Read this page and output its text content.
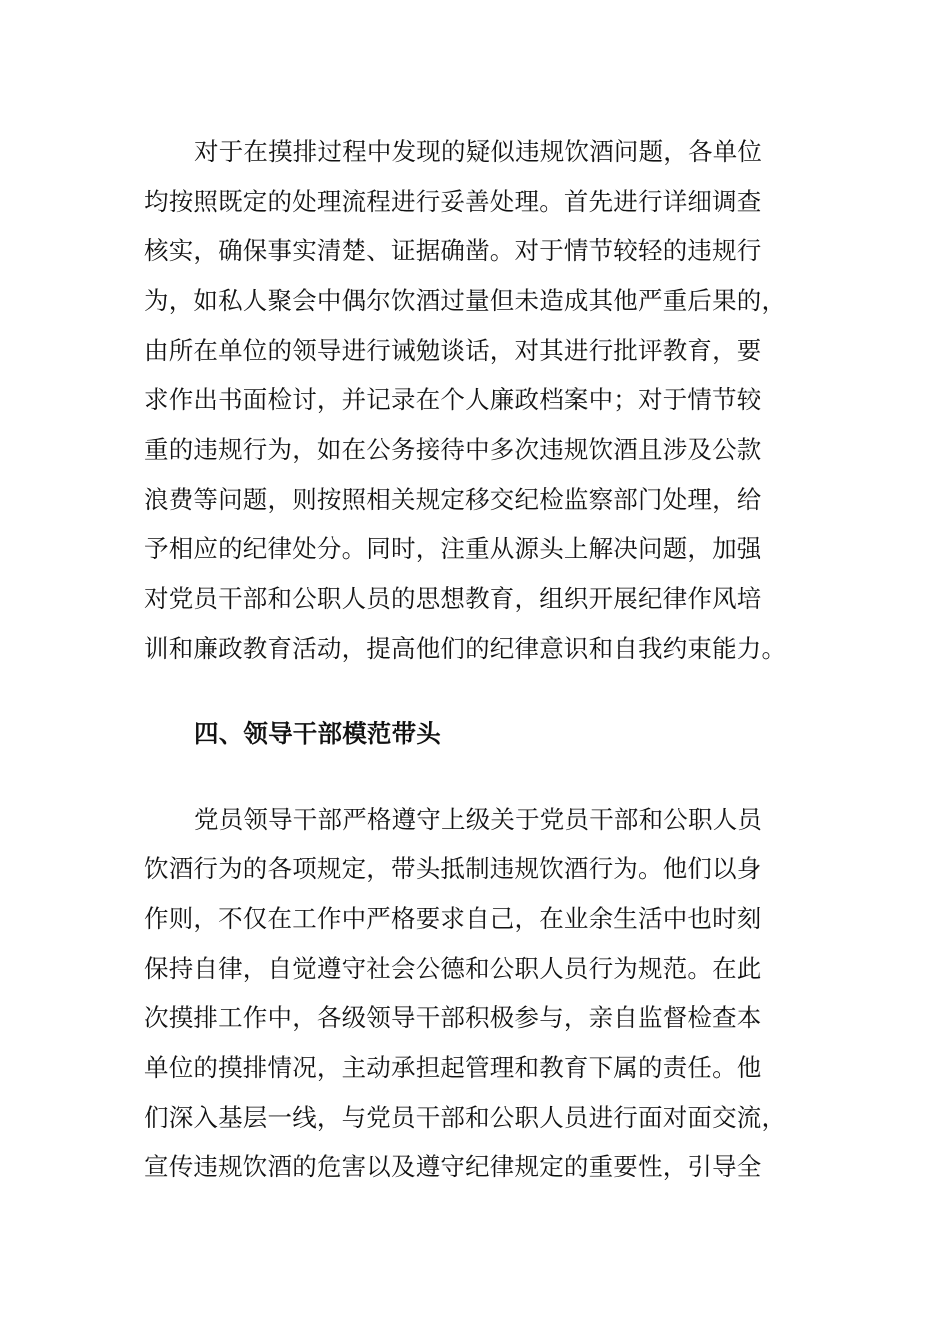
对于在摸排过程中发现的疑似违规饮酒问题，各单位
均按照既定的处理流程进行妥善处理。首先进行详细调查
核实，确保事实清楚、证据确凿。对于情节较轻的违规行
为，如私人聚会中偶尔饮酒过量但未造成其他严重后果的，
由所在单位的领导进行诫勉谈话，对其进行批评教育，要
求作出书面检讨，并记录在个人廉政档案中；对于情节较
重的违规行为，如在公务接待中多次违规饮酒且涉及公款
浪费等问题，则按照相关规定移交纪检监察部门处理，给
予相应的纪律处分。同时，注重从源头上解决问题，加强
对党员干部和公职人员的思想教育，组织开展纪律作风培
训和廉政教育活动，提高他们的纪律意识和自我约束能力。
四、领导干部模范带头
党员领导干部严格遵守上级关于党员干部和公职人员
饮酒行为的各项规定，带头抵制违规饮酒行为。他们以身
作则，不仅在工作中严格要求自己，在业余生活中也时刻
保持自律，自觉遵守社会公德和公职人员行为规范。在此
次摸排工作中，各级领导干部积极参与，亲自监督检查本
单位的摸排情况，主动承担起管理和教育下属的责任。他
们深入基层一线，与党员干部和公职人员进行面对面交流，
宣传违规饮酒的危害以及遵守纪律规定的重要性，引导全
